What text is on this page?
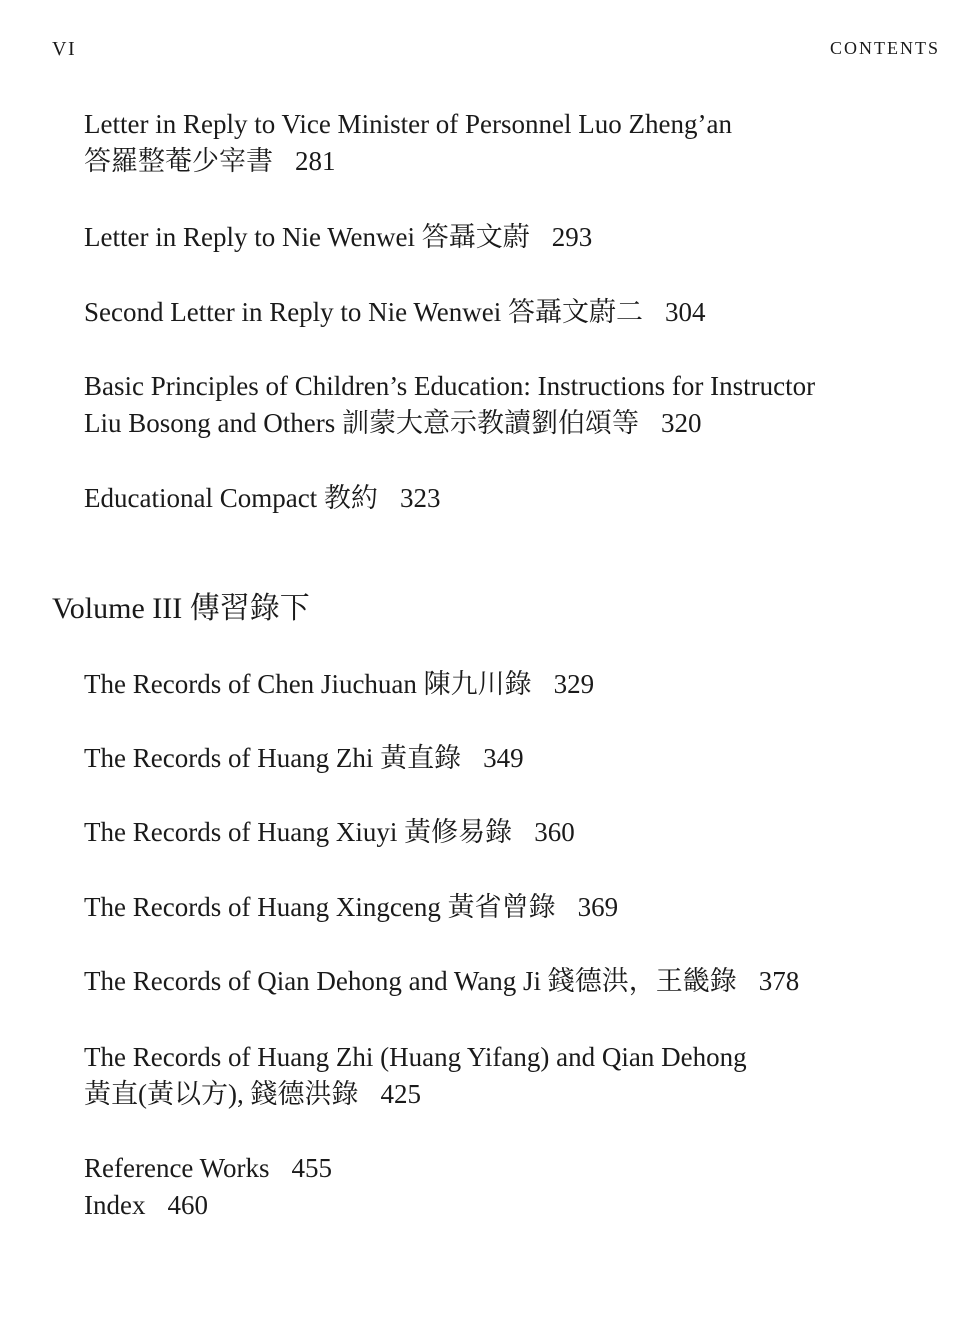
VI	CONTENTS
Letter in Reply to Vice Minister of Personnel Luo Zheng’an
答羅整菴少宰書 281
Letter in Reply to Nie Wenwei 答聶文蔚 293
Second Letter in Reply to Nie Wenwei 答聶文蔚二 304
Basic Principles of Children’s Education: Instructions for Instructor
Liu Bosong and Others 訓蒙大意示教讀劉伯頌等 320
Educational Compact 教約 323
Volume III 傳習錄下
The Records of Chen Jiuchuan 陳九川錄 329
The Records of Huang Zhi 黃直錄 349
The Records of Huang Xiuyi 黃修易錄 360
The Records of Huang Xingceng 黃省曾錄 369
The Records of Qian Dehong and Wang Ji 錢德洪，王畿錄 378
The Records of Huang Zhi (Huang Yifang) and Qian Dehong
黃直(黃以方), 錢德洪錄 425
Reference Works 455
Index 460
